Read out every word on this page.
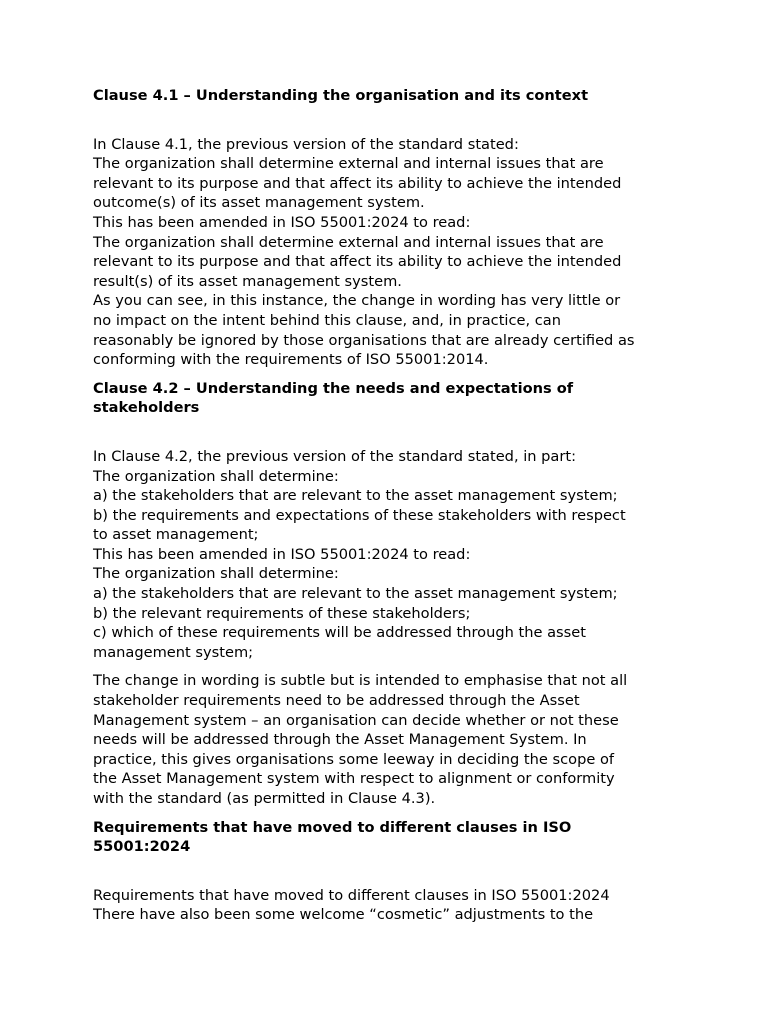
Clause 4.1 – Understanding the organisation and its context

In Clause 4.1, the previous version of the standard stated:

The organization shall determine external and internal issues that are

relevant to its purpose and that affect its ability to achieve the intended

outcome(s) of its asset management system.

This has been amended in ISO 55001:2024 to read:

The organization shall determine external and internal issues that are

relevant to its purpose and that affect its ability to achieve the intended

result(s) of its asset management system.

As you can see, in this instance, the change in wording has very little or

no impact on the intent behind this clause, and, in practice, can

reasonably be ignored by those organisations that are already certified as

conforming with the requirements of ISO 55001:2014.

Clause 4.2 – Understanding the needs and expectations of
stakeholders

In Clause 4.2, the previous version of the standard stated, in part:

The organization shall determine:

a) the stakeholders that are relevant to the asset management system;

b) the requirements and expectations of these stakeholders with respect

to asset management;

This has been amended in ISO 55001:2024 to read:

The organization shall determine:

a) the stakeholders that are relevant to the asset management system;

b) the relevant requirements of these stakeholders;

c) which of these requirements will be addressed through the asset

management system;

The change in wording is subtle but is intended to emphasise that not all

stakeholder requirements need to be addressed through the Asset

Management system – an organisation can decide whether or not these

needs will be addressed through the Asset Management System. In

practice, this gives organisations some leeway in deciding the scope of

the Asset Management system with respect to alignment or conformity

with the standard (as permitted in Clause 4.3).

Requirements that have moved to different clauses in ISO
55001:2024

Requirements that have moved to different clauses in ISO 55001:2024

There have also been some welcome “cosmetic” adjustments to the
